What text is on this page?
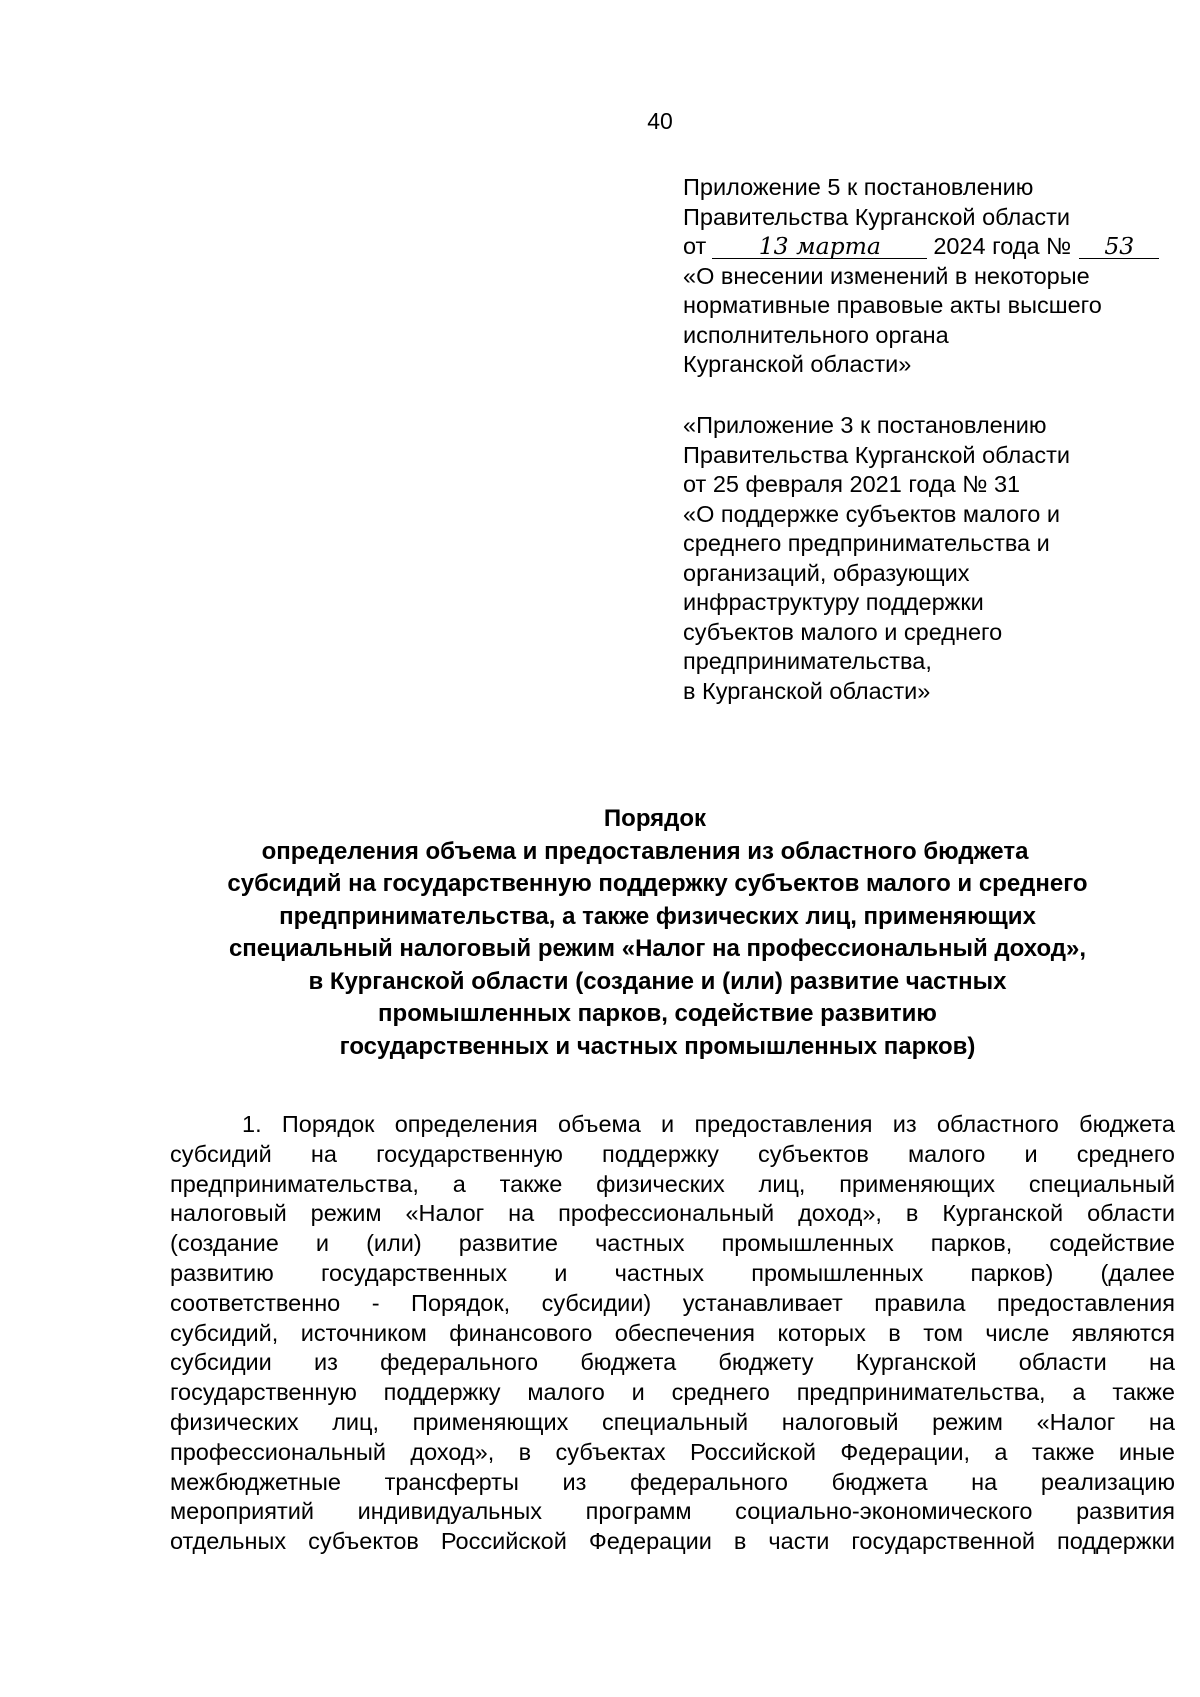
40
Приложение 5 к постановлению
Правительства Курганской области
от 13 марта 2024 года № 53
«О внесении изменений в некоторые
нормативные правовые акты высшего
исполнительного органа
Курганской области»
«Приложение 3 к постановлению
Правительства Курганской области
от 25 февраля 2021 года № 31
«О поддержке субъектов малого и
среднего предпринимательства и
организаций, образующих
инфраструктуру поддержки
субъектов малого и среднего
предпринимательства,
в Курганской области»
Порядок
определения объема и предоставления из областного бюджета
субсидий на государственную поддержку субъектов малого и среднего
предпринимательства, а также физических лиц, применяющих
специальный налоговый режим «Налог на профессиональный доход»,
в Курганской области (создание и (или) развитие частных
промышленных парков, содействие развитию
государственных и частных промышленных парков)
1. Порядок определения объема и предоставления из областного бюджета
субсидий на государственную поддержку субъектов малого и среднего
предпринимательства, а также физических лиц, применяющих специальный
налоговый режим «Налог на профессиональный доход», в Курганской области
(создание и (или) развитие частных промышленных парков, содействие
развитию государственных и частных промышленных парков) (далее
соответственно - Порядок, субсидии) устанавливает правила предоставления
субсидий, источником финансового обеспечения которых в том числе являются
субсидии из федерального бюджета бюджету Курганской области на
государственную поддержку малого и среднего предпринимательства, а также
физических лиц, применяющих специальный налоговый режим «Налог на
профессиональный доход», в субъектах Российской Федерации, а также иные
межбюджетные трансферты из федерального бюджета на реализацию
мероприятий индивидуальных программ социально-экономического развития
отдельных субъектов Российской Федерации в части государственной поддержки
